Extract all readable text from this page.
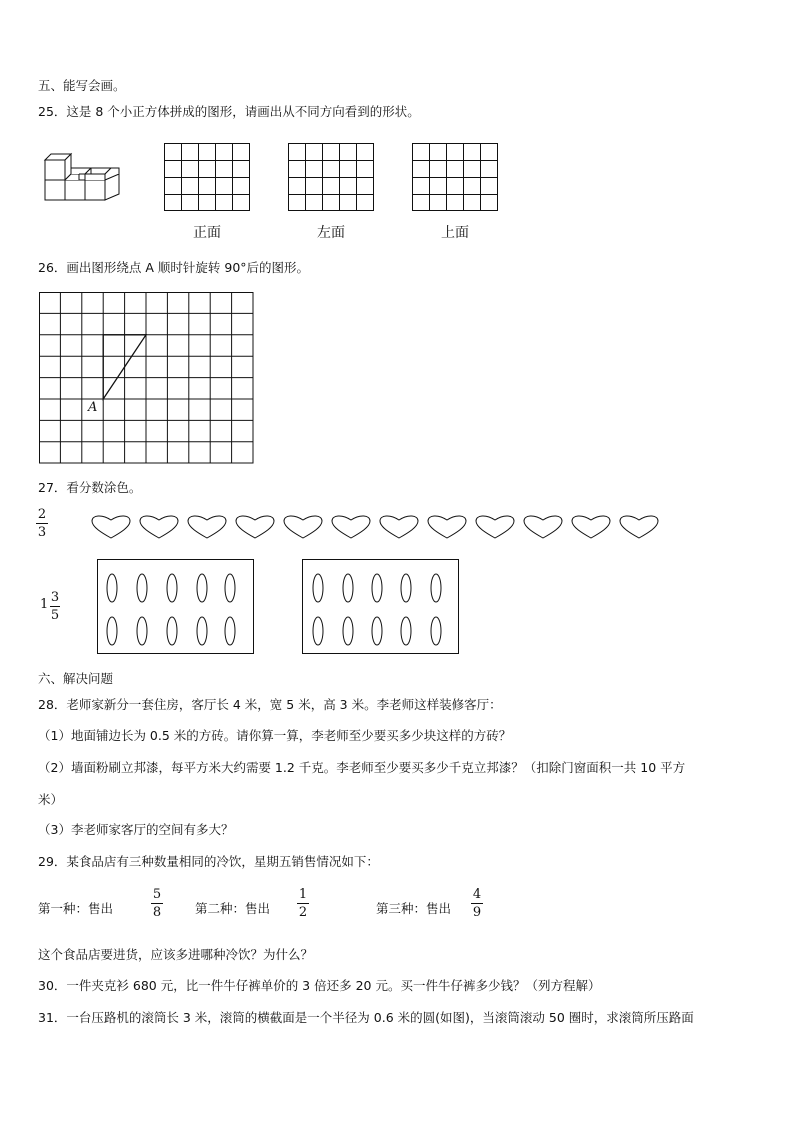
五、能写会画。
25．这是 8 个小正方体拼成的图形，请画出从不同方向看到的形状。
正面	左面	上面
26．画出图形绕点 A 顺时针旋转 90°后的图形。
A
27．看分数涂色。
2
3
1 3
5
六、解决问题
28．老师家新分一套住房，客厅长 4 米，宽 5 米，高 3 米。李老师这样装修客厅：
（1）地面铺边长为 0.5 米的方砖。请你算一算，李老师至少要买多少块这样的方砖？
（2）墙面粉刷立邦漆，每平方米大约需要 1.2 千克。李老师至少要买多少千克立邦漆？（扣除门窗面积一共 10 平方
米）
（3）李老师家客厅的空间有多大？
29．某食品店有三种数量相同的冷饮，星期五销售情况如下：
第一种：售出
5
8	第二种：售出
1
2	第三种：售出
4
9
这个食品店要进货，应该多进哪种冷饮？为什么？
30．一件夹克衫 680 元，比一件牛仔裤单价的 3 倍还多 20 元。买一件牛仔裤多少钱？（列方程解）
31．一台压路机的滚筒长 3 米，滚筒的横截面是一个半径为 0.6 米的圆(如图)，当滚筒滚动 50 圈时，求滚筒所压路面
